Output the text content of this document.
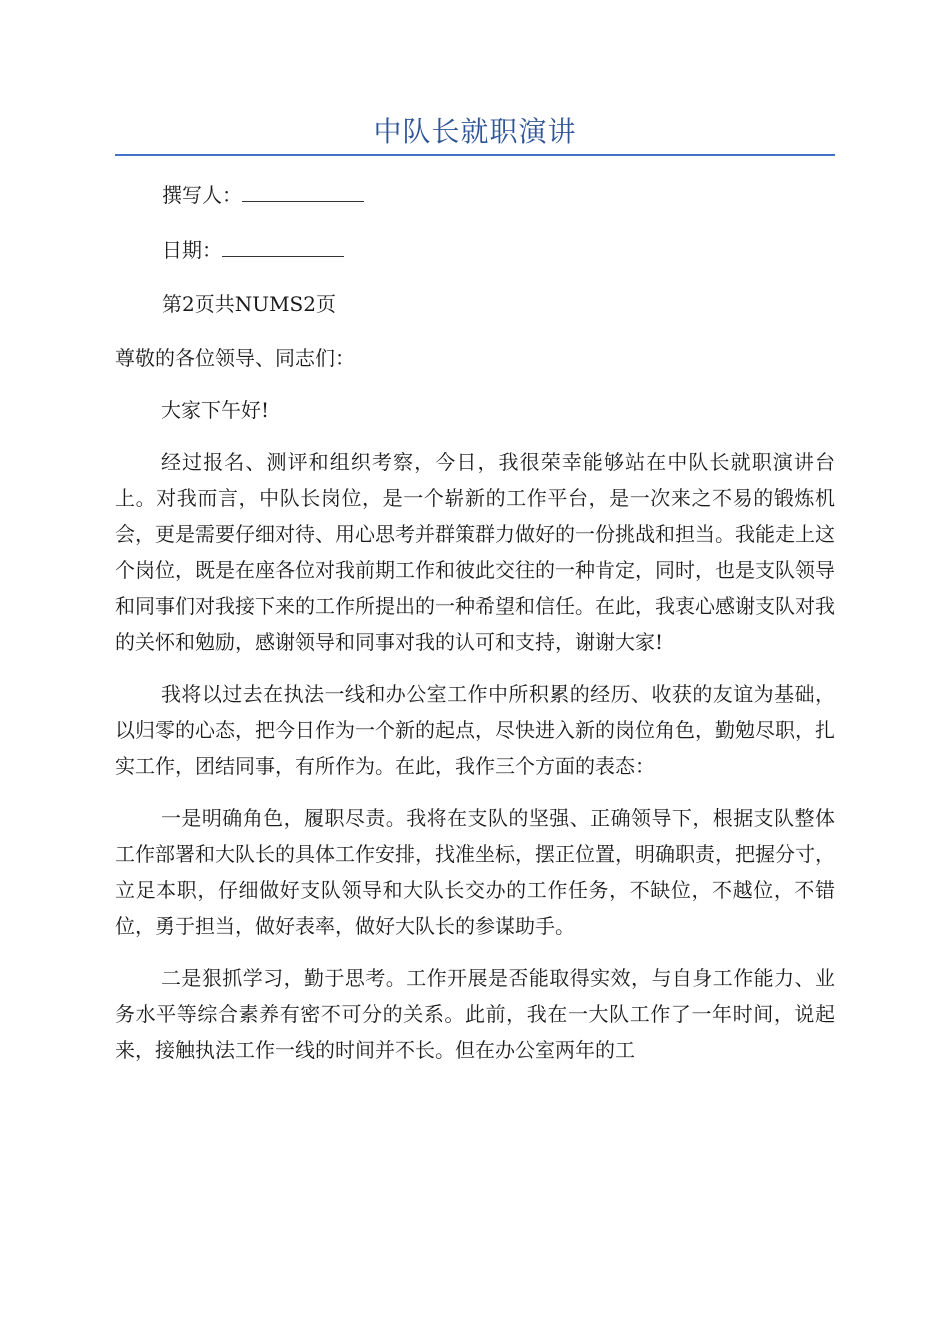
中队长就职演讲
撰写人：
日期：
第2页共NUMS2页

尊敬的各位领导、同志们：

大家下午好!

经过报名、测评和组织考察，今日，我很荣幸能够站在中队长就职演讲台上。对我而言，中队长岗位，是一个崭新的工作平台，是一次来之不易的锻炼机会，更是需要仔细对待、用心思考并群策群力做好的一份挑战和担当。我能走上这个岗位，既是在座各位对我前期工作和彼此交往的一种肯定，同时，也是支队领导和同事们对我接下来的工作所提出的一种希望和信任。在此，我衷心感谢支队对我的关怀和勉励，感谢领导和同事对我的认可和支持，谢谢大家!

我将以过去在执法一线和办公室工作中所积累的经历、收获的友谊为基础，以归零的心态，把今日作为一个新的起点，尽快进入新的岗位角色，勤勉尽职，扎实工作，团结同事，有所作为。在此，我作三个方面的表态：

一是明确角色，履职尽责。我将在支队的坚强、正确领导下，根据支队整体工作部署和大队长的具体工作安排，找准坐标，摆正位置，明确职责，把握分寸，立足本职，仔细做好支队领导和大队长交办的工作任务，不缺位，不越位，不错位，勇于担当，做好表率，做好大队长的参谋助手。

二是狠抓学习，勤于思考。工作开展是否能取得实效，与自身工作能力、业务水平等综合素养有密不可分的关系。此前，我在一大队工作了一年时间，说起来，接触执法工作一线的时间并不长。但在办公室两年的工
